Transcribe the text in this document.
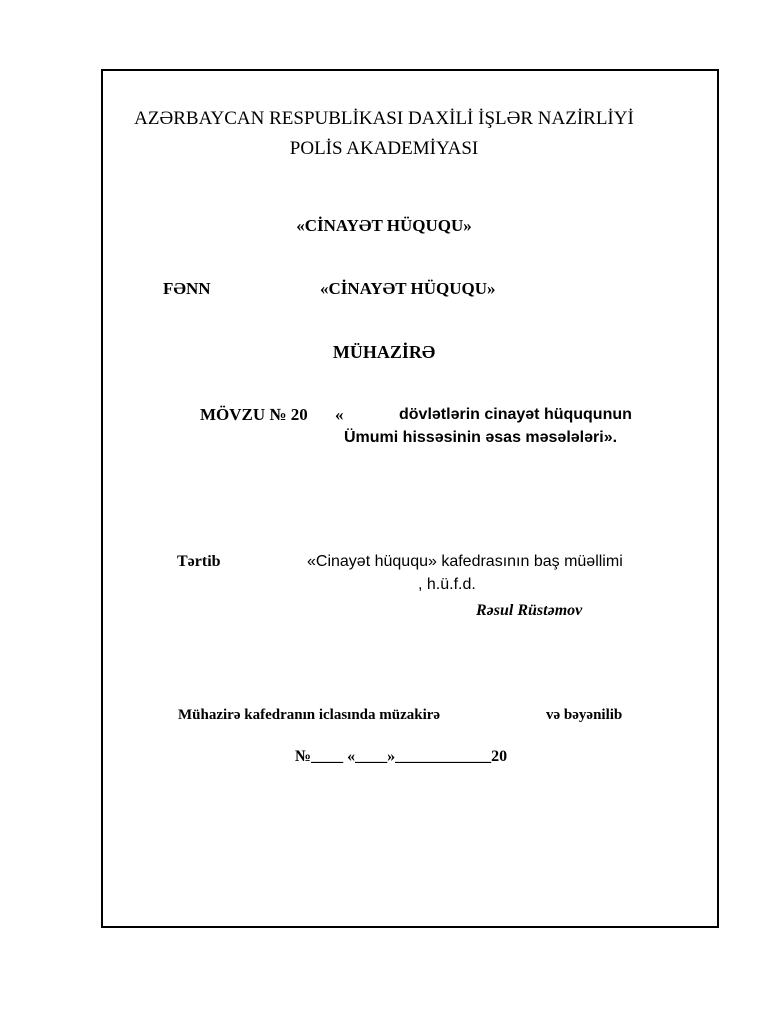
AZƏRBAYCAN RESPUBLİKASI DAXİLİ İŞLƏR NAZİRLİYİ
POLİS AKADEMİYASI
«CİNAYƏT HÜQUQU»
FƏNN	«CİNAYƏT HÜQUQU»
MÜHAZİRƏ
MÖVZU № 20 «	dövlətlərin cinayət hüququnun
Ümumi hissəsinin əsas məsələləri».
Tərtib	«Cinayət hüququ» kafedrasının baş müəllimi
, h.ü.f.d.
Rəsul Rüstəmov
Mühazirə kafedranın iclasında müzakirə	və bəyənilib
№____ «____»____________20
